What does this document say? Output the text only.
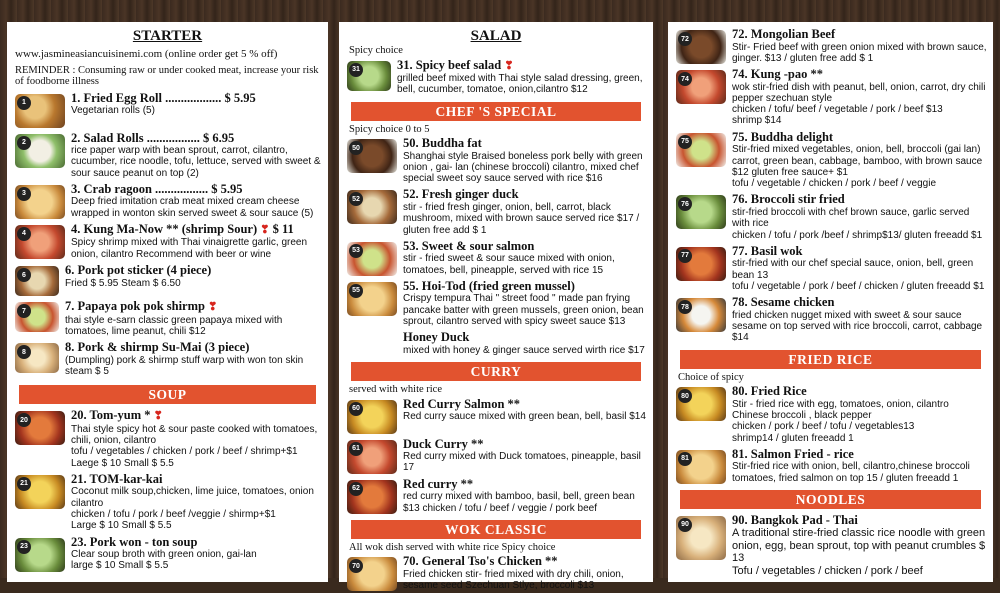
STARTER
www.jasmineasiancuisinemi.com (online order get 5 % off)
REMINDER : Consuming raw or under cooked meat, increase your risk of foodborne illness
1	1. Fried Egg Roll .................. $ 5.95
Vegetarian rolls (5)
2	2. Salad Rolls ................. $ 6.95
rice paper warp with bean sprout, carrot, cilantro, cucumber, rice noodle, tofu, lettuce, served with sweet & sour sauce peanut on top (2)
3	3. Crab ragoon ................. $ 5.95
Deep fried imitation crab meat mixed cream cheese wrapped in wonton skin served sweet & sour sauce (5)
4	4. Kung Ma-Now ** (shrimp Sour) ❣ $ 11
Spicy shrimp mixed with Thai vinaigrette garlic, green onion, cilantro Recommend with beer or wine
6	6. Pork pot sticker (4 piece)
Fried $ 5.95 Steam $ 6.50
7	7. Papaya pok pok shirmp ❣
thai style e-sarn classic green papaya mixed with tomatoes, lime peanut, chili $12
8	8. Pork & shirmp Su-Mai (3 piece)
(Dumpling) pork & shirmp stuff warp with won ton skin steam $ 5
SOUP
20	20. Tom-yum * ❣
Thai style spicy hot & sour paste cooked with tomatoes, chili, onion, cilantro
tofu / vegetables / chicken / pork / beef / shrimp+$1
Laege $ 10 Small $ 5.5
21	21. TOM-kar-kai
Coconut milk soup,chicken, lime juice, tomatoes, onion cilantro
chicken / tofu / pork / beef /veggie / shirmp+$1
Large $ 10 Small $ 5.5
23	23. Pork won - ton soup
Clear soup broth with green onion, gai-lan
large $ 10 Small $ 5.5
SALAD
Spicy choice
31	31. Spicy beef salad ❣
grilled beef mixed with Thai style salad dressing, green, bell, cucumber, tomatoe, onion,cilantro $12
CHEF 'S SPECIAL
Spicy choice 0 to 5
50	50. Buddha fat
Shanghai style Braised boneless pork belly with green onion , gai- lan (chinese broccoli) cilantro, mixed chef special sweet soy sauce served with rice $16
52	52. Fresh ginger duck
stir - fried fresh ginger, onion, bell, carrot, black mushroom, mixed with brown sauce served rice $17 / gluten free add $ 1
53	53. Sweet & sour salmon
stir - fried sweet & sour sauce mixed with onion, tomatoes, bell, pineapple, served with rice 15
55	55. Hoi-Tod (fried green mussel)
Crispy tempura Thai " street food " made pan frying pancake batter with green mussels, green onion, bean sprout, cilantro served with spicy sweet sauce $13
Honey Duck
mixed with honey & ginger sauce served wirth rice $17
CURRY
served with white rice
60	Red Curry Salmon **
Red curry sauce mixed with green bean, bell, basil $14
61	Duck Curry **
Red curry mixed with Duck tomatoes, pineapple, basil 17
62	Red curry **
red curry mixed with bamboo, basil, bell, green bean $13 chicken / tofu / beef / veggie / pork beef
WOK CLASSIC
All wok dish served with white rice Spicy choice
70	70. General Tso's Chicken **
Fried chicken stir- fried mixed with dry chili, onion, sesame seed Szechuan Stlye, broccoli $13
72	72. Mongolian Beef
Stir- Fried beef with green onion mixed with brown sauce, ginger. $13 / gluten free add $ 1
74	74. Kung -pao **
wok stir-fried dish with peanut, bell, onion, carrot, dry chili pepper szechuan style
chicken / tofu/ beef / vegetable / pork / beef $13
shrimp $14
75	75. Buddha delight
Stir-fried mixed vegetables, onion, bell, broccoli (gai lan) carrot, green bean, cabbage, bamboo, with brown sauce $12 gluten free sauce+ $1
tofu / vegetable / chicken / pork / beef / veggie
76	76. Broccoli stir fried
stir-fried broccoli with chef brown sauce, garlic served with rice
chicken / tofu / pork /beef / shrimp$13/ gluten freeadd $1
77	77. Basil wok
stir-fried with our chef special sauce, onion, bell, green bean 13
tofu / vegetable / pork / beef / chicken / gluten freeadd $1
78	78. Sesame chicken
fried chicken nugget mixed with sweet & sour sauce sesame on top served with rice broccoli, carrot, cabbage $14
FRIED RICE
Choice of spicy
80	80. Fried Rice
Stir - fried rice with egg, tomatoes, onion, cilantro Chinese broccoli , black pepper
chicken / pork / beef / tofu / vegetables13
shrimp14 / gluten freeadd 1
81	81. Salmon Fried - rice
Stir-fried rice with onion, bell, cilantro,chinese broccoli tomatoes, fried salmon on top 15 / gluten freeadd 1
NOODLES
90	90. Bangkok Pad - Thai
A traditional stire-fried classic rice noodle with green onion, egg, bean sprout, top with peanut crumbles $ 13
Tofu / vegetables / chicken / pork / beef
